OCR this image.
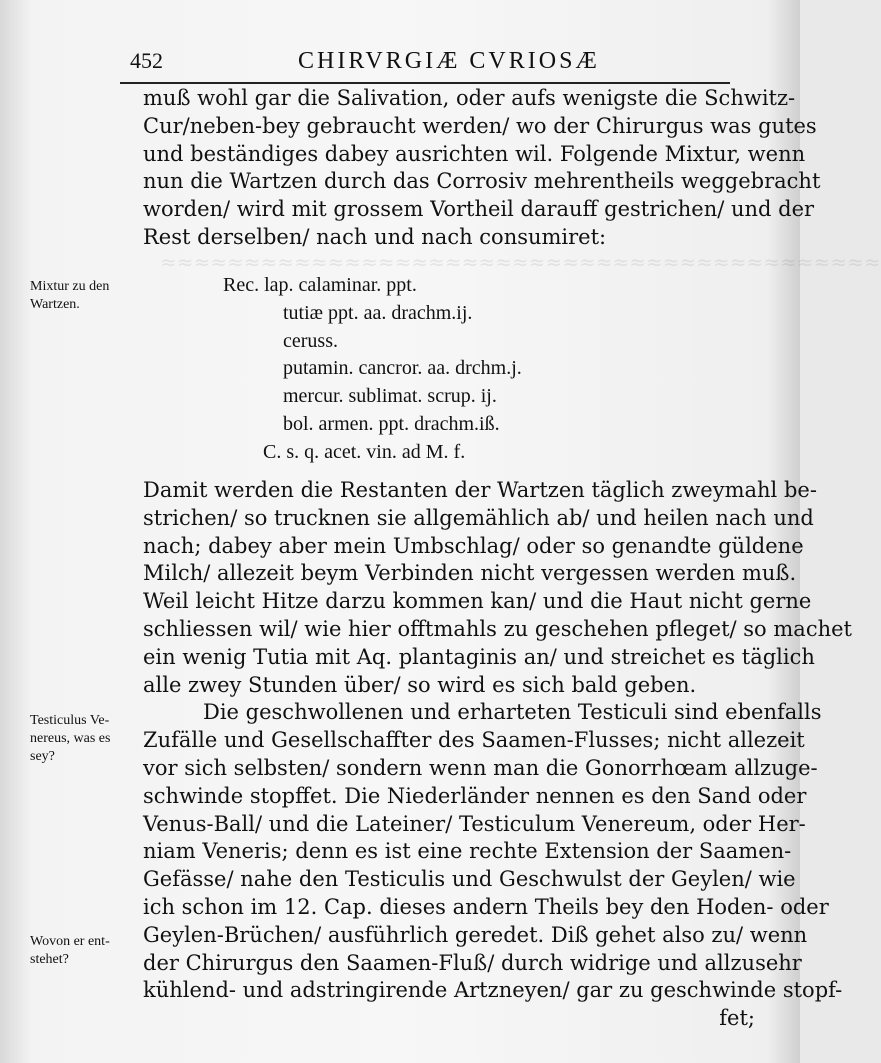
≈≈≈≈≈≈≈≈≈≈≈≈≈≈≈≈≈≈≈≈≈≈≈≈≈≈≈≈≈≈≈≈≈≈≈≈≈≈≈≈≈≈≈
452	CHIRVRGIÆ CVRIOSÆ
muß wohl gar die Salivation, oder aufs wenigste die Schwitz-
Cur/neben-bey gebraucht werden/ wo der Chirurgus was gutes
und beständiges dabey ausrichten wil. Folgende Mixtur, wenn
nun die Wartzen durch das Corrosiv mehrentheils weggebracht
worden/ wird mit grossem Vortheil darauff gestrichen/ und der
Rest derselben/ nach und nach consumiret:
Mixtur zu den
Wartzen.
Rec. lap. calaminar. ppt.
tutiæ ppt. aa. drachm.ij.
ceruss.
putamin. cancror. aa. drchm.j.
mercur. sublimat. scrup. ij.
bol. armen. ppt. drachm.iß.
C. s. q. acet. vin. ad M. f.
Damit werden die Restanten der Wartzen täglich zweymahl be-
strichen/ so trucknen sie allgemählich ab/ und heilen nach und
nach; dabey aber mein Umbschlag/ oder so genandte güldene
Milch/ allezeit beym Verbinden nicht vergessen werden muß.
Weil leicht Hitze darzu kommen kan/ und die Haut nicht gerne
schliessen wil/ wie hier offtmahls zu geschehen pfleget/ so machet
ein wenig Tutia mit Aq. plantaginis an/ und streichet es täglich
alle zwey Stunden über/ so wird es sich bald geben.
Die geschwollenen und erharteten Testiculi sind ebenfalls
Zufälle und Gesellschaffter des Saamen-Flusses; nicht allezeit
vor sich selbsten/ sondern wenn man die Gonorrhœam allzuge-
schwinde stopffet. Die Niederländer nennen es den Sand oder
Venus-Ball/ und die Lateiner/ Testiculum Venereum, oder Her-
niam Veneris; denn es ist eine rechte Extension der Saamen-
Gefässe/ nahe den Testiculis und Geschwulst der Geylen/ wie
ich schon im 12. Cap. dieses andern Theils bey den Hoden- oder
Geylen-Brüchen/ ausführlich geredet. Diß gehet also zu/ wenn
der Chirurgus den Saamen-Fluß/ durch widrige und allzusehr
kühlend- und adstringirende Artzneyen/ gar zu geschwinde stopf-
fet;
Testiculus Ve-
nereus, was es
sey?
Wovon er ent-
stehet?
